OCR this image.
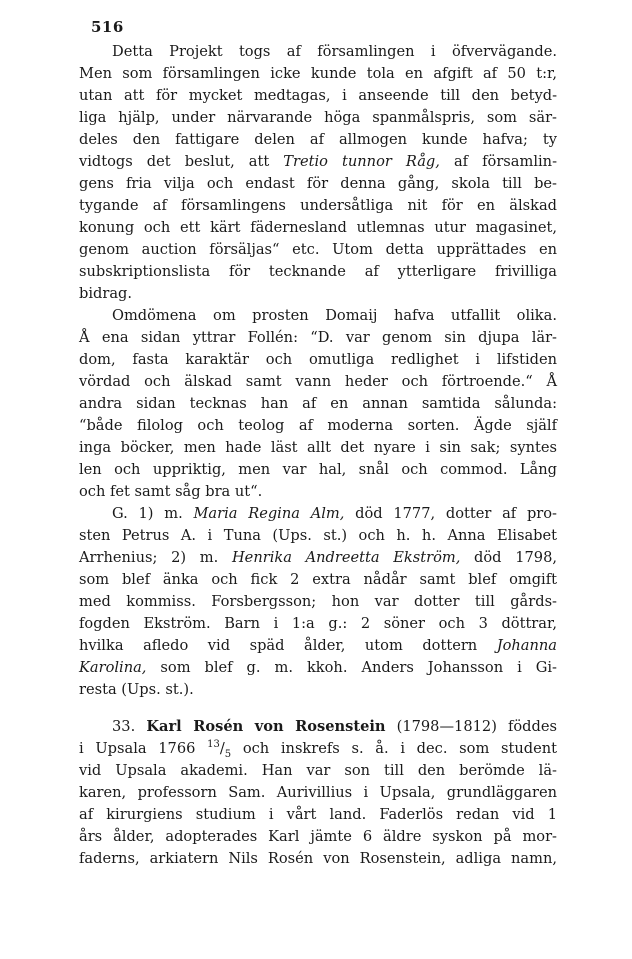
516
Detta Projekt togs af församlingen i öfvervägande.
Men som församlingen icke kunde tola en afgift af 50 t:r,
utan att för mycket medtagas, i anseende till den betyd-
liga hjälp, under närvarande höga spanmålspris, som sär-
deles den fattigare delen af allmogen kunde hafva; ty
vidtogs det beslut, att Tretio tunnor Råg, af församlin-
gens fria vilja och endast för denna gång, skola till be-
tygande af församlingens undersåtliga nit för en älskad
konung och ett kärt fädernesland utlemnas utur magasinet,
genom auction försäljas“ etc. Utom detta upprättades en
subskriptionslista för tecknande af ytterligare frivilliga
bidrag.
Omdömena om prosten Domaij hafva utfallit olika.
Å ena sidan yttrar Follén: “D. var genom sin djupa lär-
dom, fasta karaktär och omutliga redlighet i lifstiden
vördad och älskad samt vann heder och förtroende.“ Å
andra sidan tecknas han af en annan samtida sålunda:
“både filolog och teolog af moderna sorten. Ägde själf
inga böcker, men hade läst allt det nyare i sin sak; syntes
len och uppriktig, men var hal, snål och commod. Lång
och fet samt såg bra ut“.
G. 1) m. Maria Regina Alm, död 1777, dotter af pro-
sten Petrus A. i Tuna (Ups. st.) och h. h. Anna Elisabet
Arrhenius; 2) m. Henrika Andreetta Ekström, död 1798,
som blef änka och fick 2 extra nådår samt blef omgift
med kommiss. Forsbergsson; hon var dotter till gårds-
fogden Ekström. Barn i 1:a g.: 2 söner och 3 döttrar,
hvilka afledo vid späd ålder, utom dottern Johanna
Karolina, som blef g. m. kkoh. Anders Johansson i Gi-
resta (Ups. st.).
33. Karl Rosén von Rosenstein (1798—1812) föddes
i Upsala 1766 $^{13}/_5$ och inskrefs s. å. i dec. som student
vid Upsala akademi. Han var son till den berömde lä-
karen, professorn Sam. Aurivillius i Upsala, grundläggaren
af kirurgiens studium i vårt land. Faderlös redan vid 1
års ålder, adopterades Karl jämte 6 äldre syskon på mor-
faderns, arkiatern Nils Rosén von Rosenstein, adliga namn,
